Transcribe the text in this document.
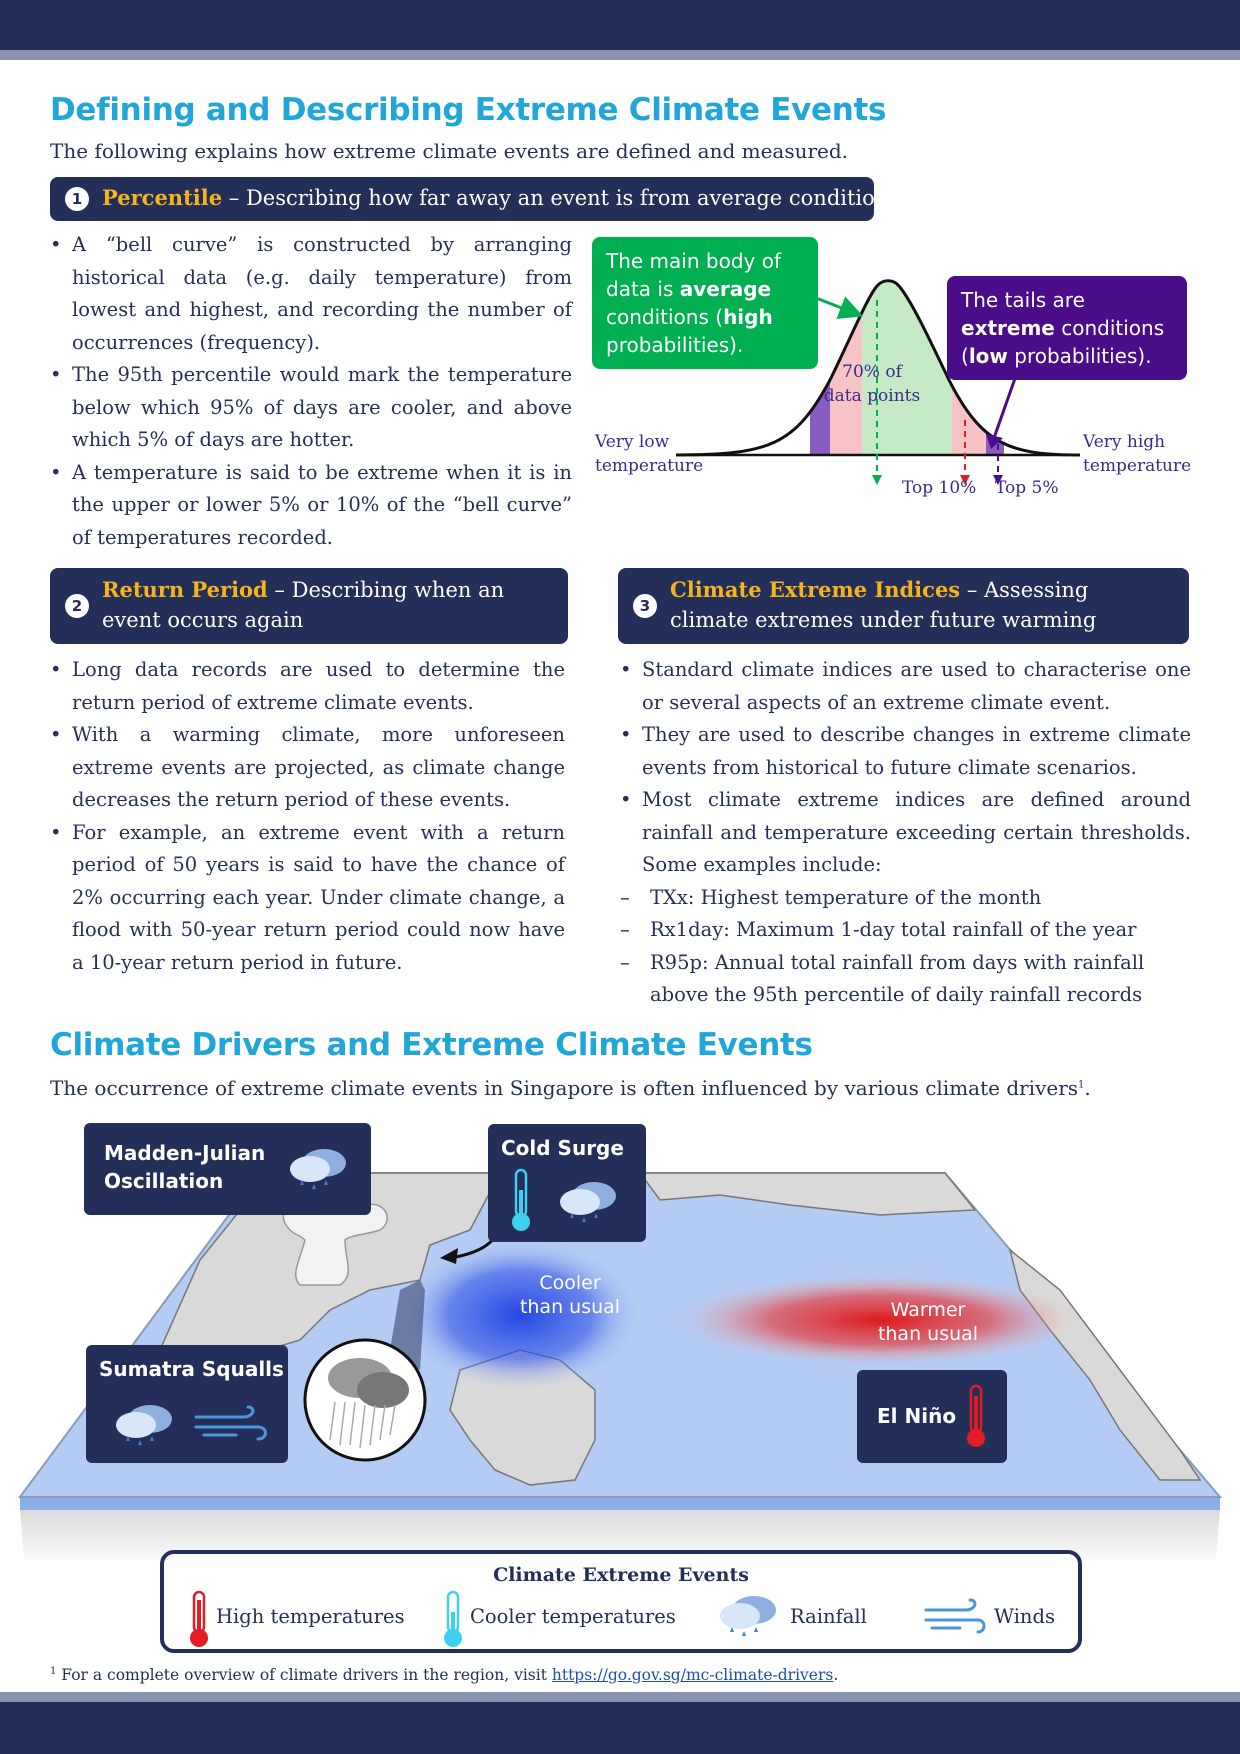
Defining and Describing Extreme Climate Events
The following explains how extreme climate events are defined and measured.
1 Percentile – Describing how far away an event is from average conditions
• A “bell curve” is constructed by arranging historical data (e.g. daily temperature) from lowest and highest, and recording the number of occurrences (frequency).
• The 95th percentile would mark the temperature below which 95% of days are cooler, and above which 5% of days are hotter.
• A temperature is said to be extreme when it is in the upper or lower 5% or 10% of the “bell curve” of temperatures recorded.
The main body of data is average conditions (high probabilities).
The tails are extreme conditions (low probabilities).
70% of
data points
Very low
temperature
Very high
temperature
Top 10% Top 5%
2
Return Period – Describing when an
event occurs again
• Long data records are used to determine the return period of extreme climate events.
• With a warming climate, more unforeseen extreme events are projected, as climate change decreases the return period of these events.
• For example, an extreme event with a return period of 50 years is said to have the chance of 2% occurring each year. Under climate change, a flood with 50-year return period could now have a 10-year return period in future.
3
Climate Extreme Indices – Assessing
climate extremes under future warming
• Standard climate indices are used to characterise one or several aspects of an extreme climate event.
• They are used to describe changes in extreme climate events from historical to future climate scenarios.
• Most climate extreme indices are defined around rainfall and temperature exceeding certain thresholds. Some examples include:
– TXx: Highest temperature of the month
– Rx1day: Maximum 1-day total rainfall of the year
– R95p: Annual total rainfall from days with rainfall above the 95th percentile of daily rainfall records
Climate Drivers and Extreme Climate Events
The occurrence of extreme climate events in Singapore is often influenced by various climate drivers$^1$.
Madden-Julian
Oscillation
Cold Surge
Sumatra Squalls
El Niño
Cooler
than usual	Warmer
than usual
Climate Extreme Events
High temperatures	Cooler temperatures	Rainfall	Winds
$^1$ For a complete overview of climate drivers in the region, visit https://go.gov.sg/mc-climate-drivers.
